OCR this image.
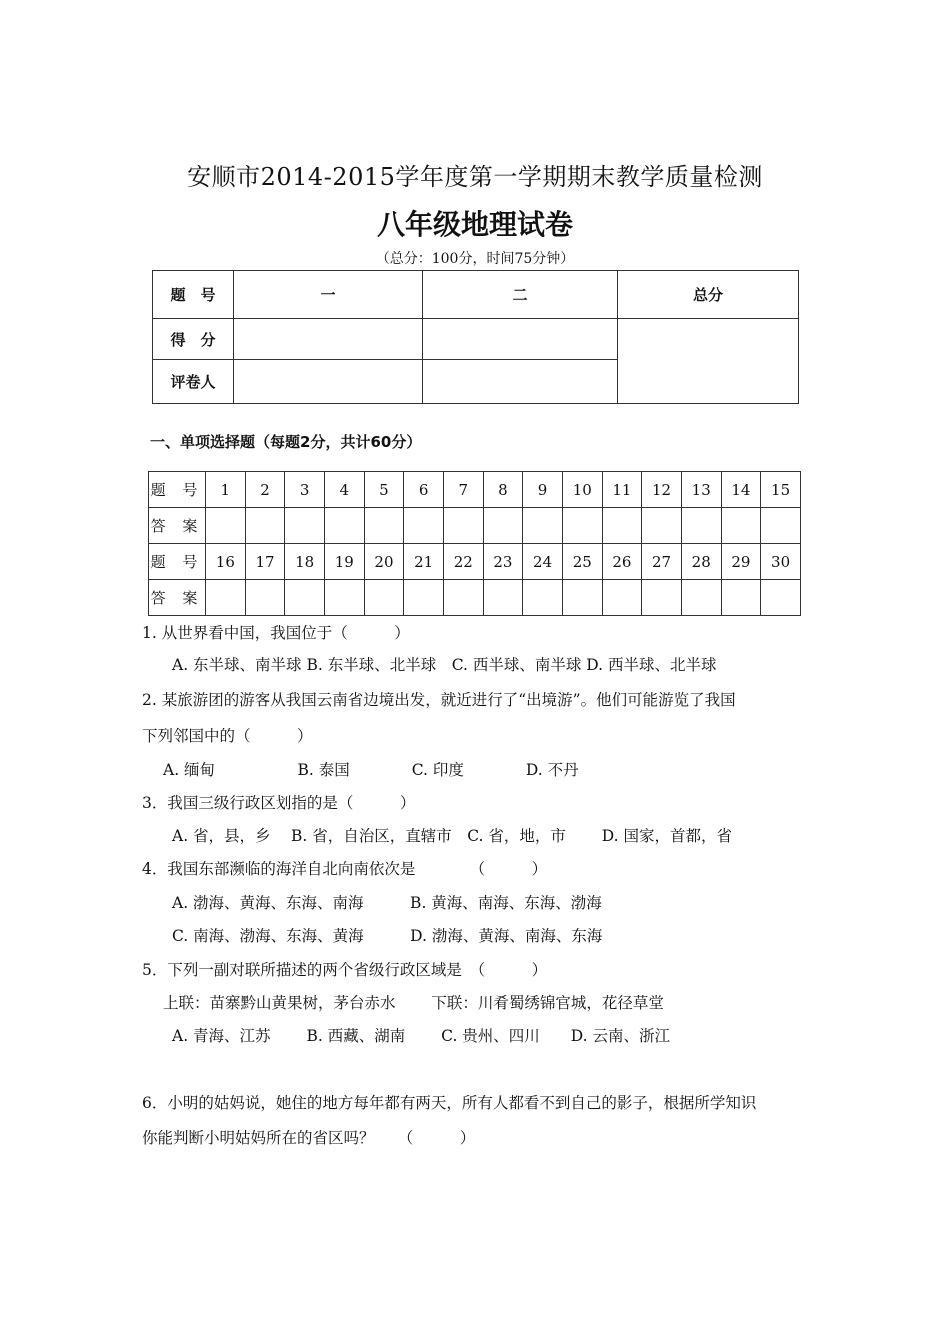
安顺市2014-2015学年度第一学期期末教学质量检测
八年级地理试卷
（总分：100分，时间75分钟）
题　号	一	二	总分
得　分			
评卷人			
一、单项选择题（每题2分，共计60分）
题 号	1	2	3	4	5	6	7	8	9	10	11	12	13	14	15
答 案															
题 号	16	17	18	19	20	21	22	23	24	25	26	27	28	29	30
答 案															
1. 从世界看中国，我国位于（　　　）
A. 东半球、南半球 B. 东半球、北半球　C. 西半球、南半球 D. 西半球、北半球
2. 某旅游团的游客从我国云南省边境出发，就近进行了“出境游”。他们可能游览了我国
下列邻国中的（　　　）
A. 缅甸　　　　　 B. 泰国　　　　C. 印度　　　　D. 不丹
3．我国三级行政区划指的是（　　　）
A. 省，县，乡　 B. 省，自治区，直辖市　C. 省，地，市　　 D. 国家，首都，省
4．我国东部濒临的海洋自北向南依次是　　　　（　　　）
A. 渤海、黄海、东海、南海　　　B. 黄海、南海、东海、渤海
C. 南海、渤海、东海、黄海　　　D. 渤海、黄海、南海、东海
5．下列一副对联所描述的两个省级行政区域是　（　　　）
上联：苗寨黔山黄果树，茅台赤水　　 下联：川肴蜀绣锦官城，花径草堂
A. 青海、江苏　　 B. 西藏、湖南　　 C. 贵州、四川　　D. 云南、浙江
6．小明的姑妈说，她住的地方每年都有两天，所有人都看不到自己的影子，根据所学知识
你能判断小明姑妈所在的省区吗？　　（　　　）
